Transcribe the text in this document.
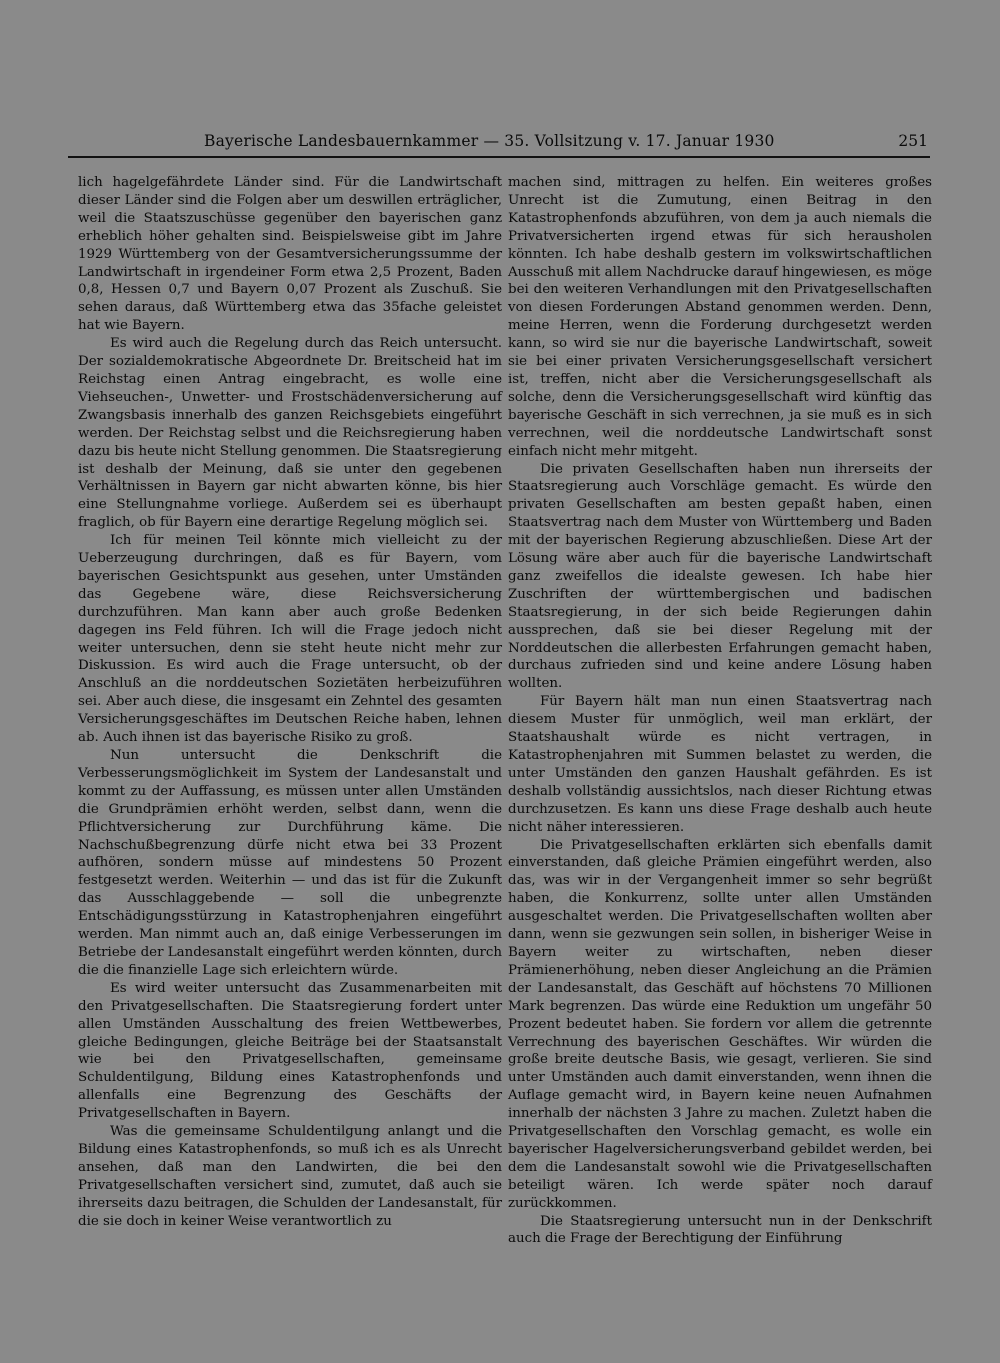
Bayerische Landesbauernkammer — 35. Vollsitzung v. 17. Januar 1930	251

lich hagelgefährdete Länder sind. Für die Landwirtschaft dieser Länder sind die Folgen aber um deswillen erträglicher, weil die Staatszuschüsse gegenüber den bayerischen ganz erheblich höher gehalten sind. Beispielsweise gibt im Jahre 1929 Württemberg von der Gesamtversicherungssumme der Landwirtschaft in irgendeiner Form etwa 2,5 Prozent, Baden 0,8, Hessen 0,7 und Bayern 0,07 Prozent als Zuschuß. Sie sehen daraus, daß Württemberg etwa das 35fache geleistet hat wie Bayern.

Es wird auch die Regelung durch das Reich untersucht. Der sozialdemokratische Abgeordnete Dr. Breitscheid hat im Reichstag einen Antrag eingebracht, es wolle eine Viehseuchen-, Unwetter- und Frostschädenversicherung auf Zwangsbasis innerhalb des ganzen Reichsgebiets eingeführt werden. Der Reichstag selbst und die Reichsregierung haben dazu bis heute nicht Stellung genommen. Die Staatsregierung ist deshalb der Meinung, daß sie unter den gegebenen Verhältnissen in Bayern gar nicht abwarten könne, bis hier eine Stellungnahme vorliege. Außerdem sei es überhaupt fraglich, ob für Bayern eine derartige Regelung möglich sei.

Ich für meinen Teil könnte mich vielleicht zu der Ueberzeugung durchringen, daß es für Bayern, vom bayerischen Gesichtspunkt aus gesehen, unter Umständen das Gegebene wäre, diese Reichsversicherung durchzuführen. Man kann aber auch große Bedenken dagegen ins Feld führen. Ich will die Frage jedoch nicht weiter untersuchen, denn sie steht heute nicht mehr zur Diskussion. Es wird auch die Frage untersucht, ob der Anschluß an die norddeutschen Sozietäten herbeizuführen sei. Aber auch diese, die insgesamt ein Zehntel des gesamten Versicherungsgeschäftes im Deutschen Reiche haben, lehnen ab. Auch ihnen ist das bayerische Risiko zu groß.

Nun untersucht die Denkschrift die Verbesserungsmöglichkeit im System der Landesanstalt und kommt zu der Auffassung, es müssen unter allen Umständen die Grundprämien erhöht werden, selbst dann, wenn die Pflichtversicherung zur Durchführung käme. Die Nachschußbegrenzung dürfe nicht etwa bei 33 Prozent aufhören, sondern müsse auf mindestens 50 Prozent festgesetzt werden. Weiterhin — und das ist für die Zukunft das Ausschlaggebende — soll die unbegrenzte Entschädigungsstürzung in Katastrophenjahren eingeführt werden. Man nimmt auch an, daß einige Verbesserungen im Betriebe der Landesanstalt eingeführt werden könnten, durch die die finanzielle Lage sich erleichtern würde.

Es wird weiter untersucht das Zusammenarbeiten mit den Privatgesellschaften. Die Staatsregierung fordert unter allen Umständen Ausschaltung des freien Wettbewerbes, gleiche Bedingungen, gleiche Beiträge bei der Staatsanstalt wie bei den Privatgesellschaften, gemeinsame Schuldentilgung, Bildung eines Katastrophenfonds und allenfalls eine Begrenzung des Geschäfts der Privatgesellschaften in Bayern.

Was die gemeinsame Schuldentilgung anlangt und die Bildung eines Katastrophenfonds, so muß ich es als Unrecht ansehen, daß man den Landwirten, die bei den Privatgesellschaften versichert sind, zumutet, daß auch sie ihrerseits dazu beitragen, die Schulden der Landesanstalt, für die sie doch in keiner Weise verantwortlich zu

machen sind, mittragen zu helfen. Ein weiteres großes Unrecht ist die Zumutung, einen Beitrag in den Katastrophenfonds abzuführen, von dem ja auch niemals die Privatversicherten irgend etwas für sich herausholen könnten. Ich habe deshalb gestern im volkswirtschaftlichen Ausschuß mit allem Nachdrucke darauf hingewiesen, es möge bei den weiteren Verhandlungen mit den Privatgesellschaften von diesen Forderungen Abstand genommen werden. Denn, meine Herren, wenn die Forderung durchgesetzt werden kann, so wird sie nur die bayerische Landwirtschaft, soweit sie bei einer privaten Versicherungsgesellschaft versichert ist, treffen, nicht aber die Versicherungsgesellschaft als solche, denn die Versicherungsgesellschaft wird künftig das bayerische Geschäft in sich verrechnen, ja sie muß es in sich verrechnen, weil die norddeutsche Landwirtschaft sonst einfach nicht mehr mitgeht.

Die privaten Gesellschaften haben nun ihrerseits der Staatsregierung auch Vorschläge gemacht. Es würde den privaten Gesellschaften am besten gepaßt haben, einen Staatsvertrag nach dem Muster von Württemberg und Baden mit der bayerischen Regierung abzuschließen. Diese Art der Lösung wäre aber auch für die bayerische Landwirtschaft ganz zweifellos die idealste gewesen. Ich habe hier Zuschriften der württembergischen und badischen Staatsregierung, in der sich beide Regierungen dahin aussprechen, daß sie bei dieser Regelung mit der Norddeutschen die allerbesten Erfahrungen gemacht haben, durchaus zufrieden sind und keine andere Lösung haben wollten.

Für Bayern hält man nun einen Staatsvertrag nach diesem Muster für unmöglich, weil man erklärt, der Staatshaushalt würde es nicht vertragen, in Katastrophenjahren mit Summen belastet zu werden, die unter Umständen den ganzen Haushalt gefährden. Es ist deshalb vollständig aussichtslos, nach dieser Richtung etwas durchzusetzen. Es kann uns diese Frage deshalb auch heute nicht näher interessieren.

Die Privatgesellschaften erklärten sich ebenfalls damit einverstanden, daß gleiche Prämien eingeführt werden, also das, was wir in der Vergangenheit immer so sehr begrüßt haben, die Konkurrenz, sollte unter allen Umständen ausgeschaltet werden. Die Privatgesellschaften wollten aber dann, wenn sie gezwungen sein sollen, in bisheriger Weise in Bayern weiter zu wirtschaften, neben dieser Prämienerhöhung, neben dieser Angleichung an die Prämien der Landesanstalt, das Geschäft auf höchstens 70 Millionen Mark begrenzen. Das würde eine Reduktion um ungefähr 50 Prozent bedeutet haben. Sie fordern vor allem die getrennte Verrechnung des bayerischen Geschäftes. Wir würden die große breite deutsche Basis, wie gesagt, verlieren. Sie sind unter Umständen auch damit einverstanden, wenn ihnen die Auflage gemacht wird, in Bayern keine neuen Aufnahmen innerhalb der nächsten 3 Jahre zu machen. Zuletzt haben die Privatgesellschaften den Vorschlag gemacht, es wolle ein bayerischer Hagelversicherungsverband gebildet werden, bei dem die Landesanstalt sowohl wie die Privatgesellschaften beteiligt wären. Ich werde später noch darauf zurückkommen.

Die Staatsregierung untersucht nun in der Denkschrift auch die Frage der Berechtigung der Einführung
